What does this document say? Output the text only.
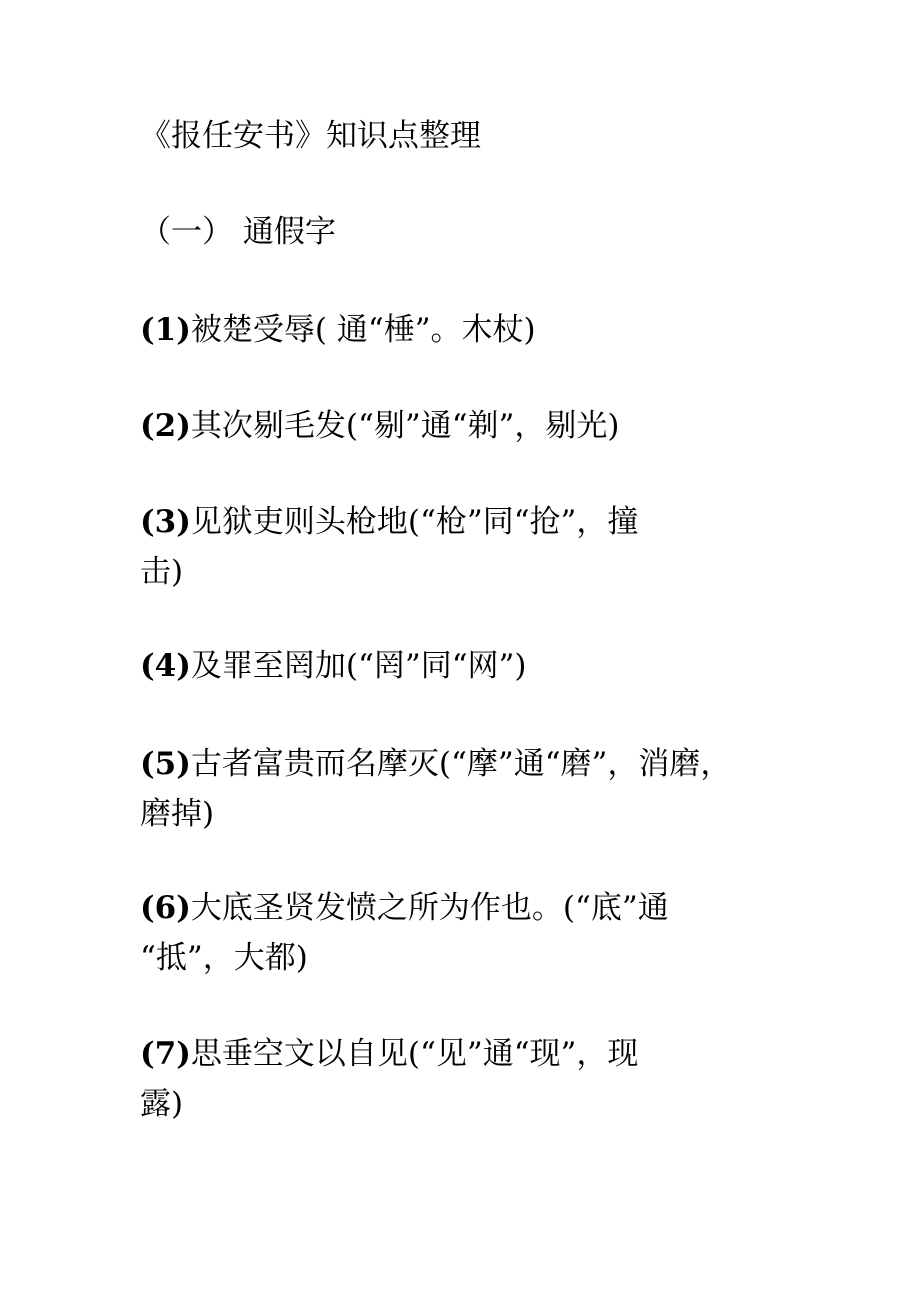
《报任安书》知识点整理
（一） 通假字
(1)被楚受辱( 通“棰”。木杖)
(2)其次剔毛发(“剔”通“剃”，剔光)
(3)见狱吏则头枪地(“枪”同“抢”，撞
击)
(4)及罪至罔加(“罔”同“网”)
(5)古者富贵而名摩灭(“摩”通“磨”，消磨，
磨掉)
(6)大底圣贤发愤之所为作也。(“底”通
“抵”，大都)
(7)思垂空文以自见(“见”通“现”，现
露)
